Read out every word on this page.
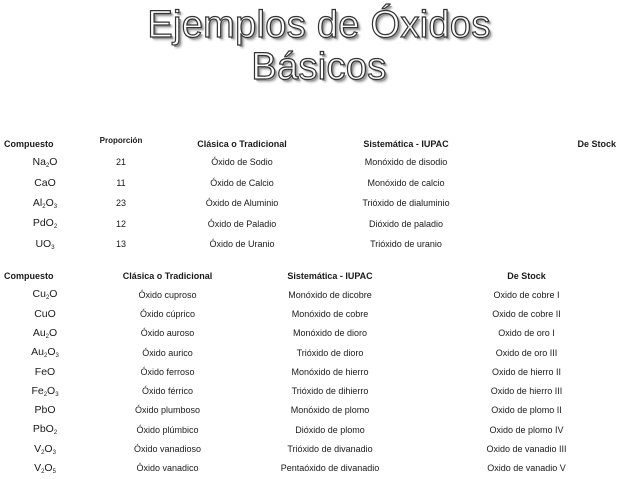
Ejemplos de Óxidos
Básicos
Compuesto	Proporción	Clásica o Tradicional	Sistemática - IUPAC	De Stock
$Na_2O$	21	Óxido de Sodio	Monóxido de disodio	
CaO	11	Óxido de Calcio	Monóxido de calcio	
$Al_2O_3$	23	Óxido de Aluminio	Trióxido de dialuminio	
PdO$_2$	12	Óxido de Paladio	Dióxido de paladio	
$UO_3$	13	Óxido de Uranio	Trióxido de uranio	
Compuesto	Clásica o Tradicional	Sistemática - IUPAC	De Stock
$Cu_2O$	Óxido cuproso	Monóxido de dicobre	Oxido de cobre I
CuO	Óxido cúprico	Monóxido de cobre	Oxido de cobre II
$Au_2O$	Óxido auroso	Monóxido de dioro	Oxido de oro I
$Au_2O_3$	Óxido aurico	Trióxido de dioro	Oxido de oro III
FeO	Óxido ferroso	Monóxido de hierro	Oxido de hierro II
$Fe_2O_3$	Óxido férrico	Trióxido de dihierro	Oxido de hierro III
PbO	Óxido plumboso	Monóxido de plomo	Oxido de plomo II
PbO$_2$	Óxido plúmbico	Dióxido de plomo	Oxido de plomo IV
$V_2O_3$	Óxido vanadioso	Trióxido de divanadio	Oxido de vanadio III
$V_2O_5$	Óxido vanadico	Pentaóxido de divanadio	Oxido de vanadio V
